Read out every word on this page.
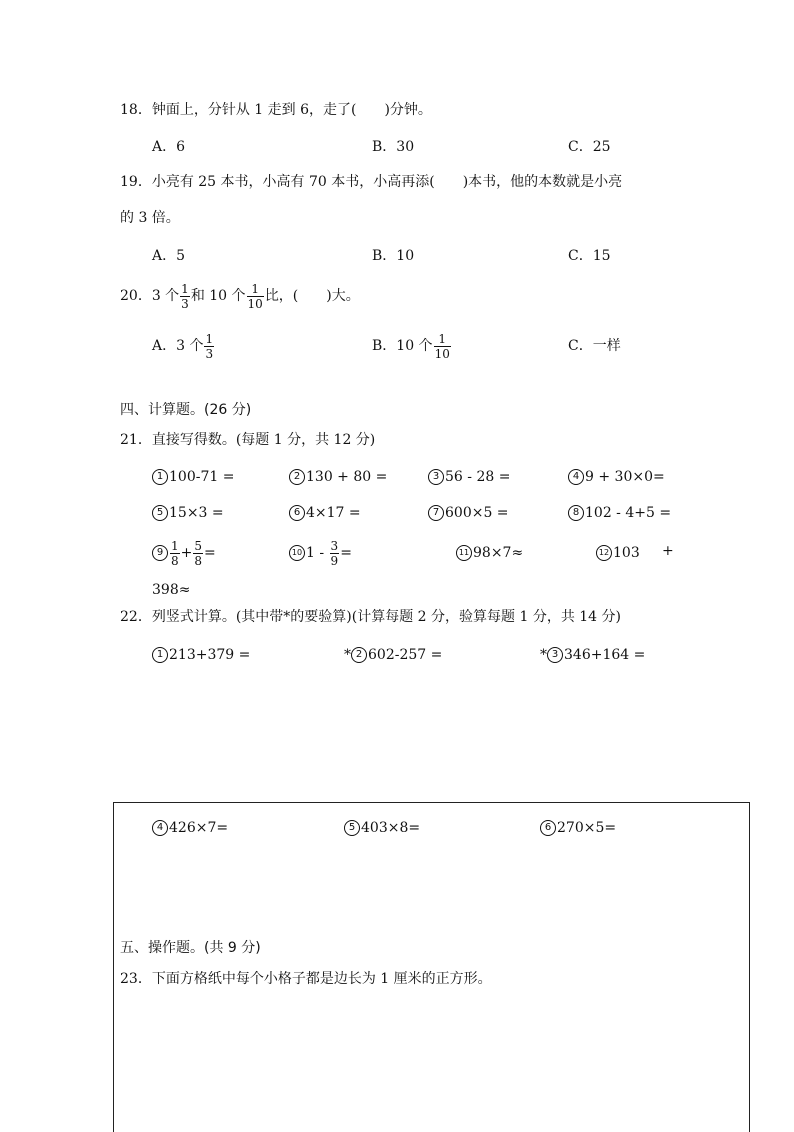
18．钟面上，分针从 1 走到 6，走了(　　)分钟。
A．6	B．30	C．25
19．小亮有 25 本书，小高有 70 本书，小高再添(　　)本书，他的本数就是小亮
的 3 倍。
A．5	B．10	C．15
20．3 个 $\frac{1}{3}$ 和 10 个 $\frac{1}{10}$ 比，(　　)大。
A．3 个 $\frac{1}{3}$	B．10 个 $\frac{1}{10}$	C．一样
四、计算题。(26 分)
21．直接写得数。(每题 1 分，共 12 分)
1 100-71 =	2 130 + 80 =	3 56 - 28 =	4 9 + 30×0=
5 15×3 =	6 4×17 =	7 600×5 =	8 102 - 4+5 =
$9 \frac{1}{8} + \frac{5}{8}$ =	10 $1 - \frac{3}{9}$ =	11 98×7≈	12 103 +
398≈
22．列竖式计算。(其中带*的要验算)(计算每题 2 分，验算每题 1 分，共 14 分)
1 213+379 =	* 2 602-257 =	* 3 346+164 =
4 426×7=	5 403×8=	6 270×5=
五、操作题。(共 9 分)
23．下面方格纸中每个小格子都是边长为 1 厘米的正方形。
